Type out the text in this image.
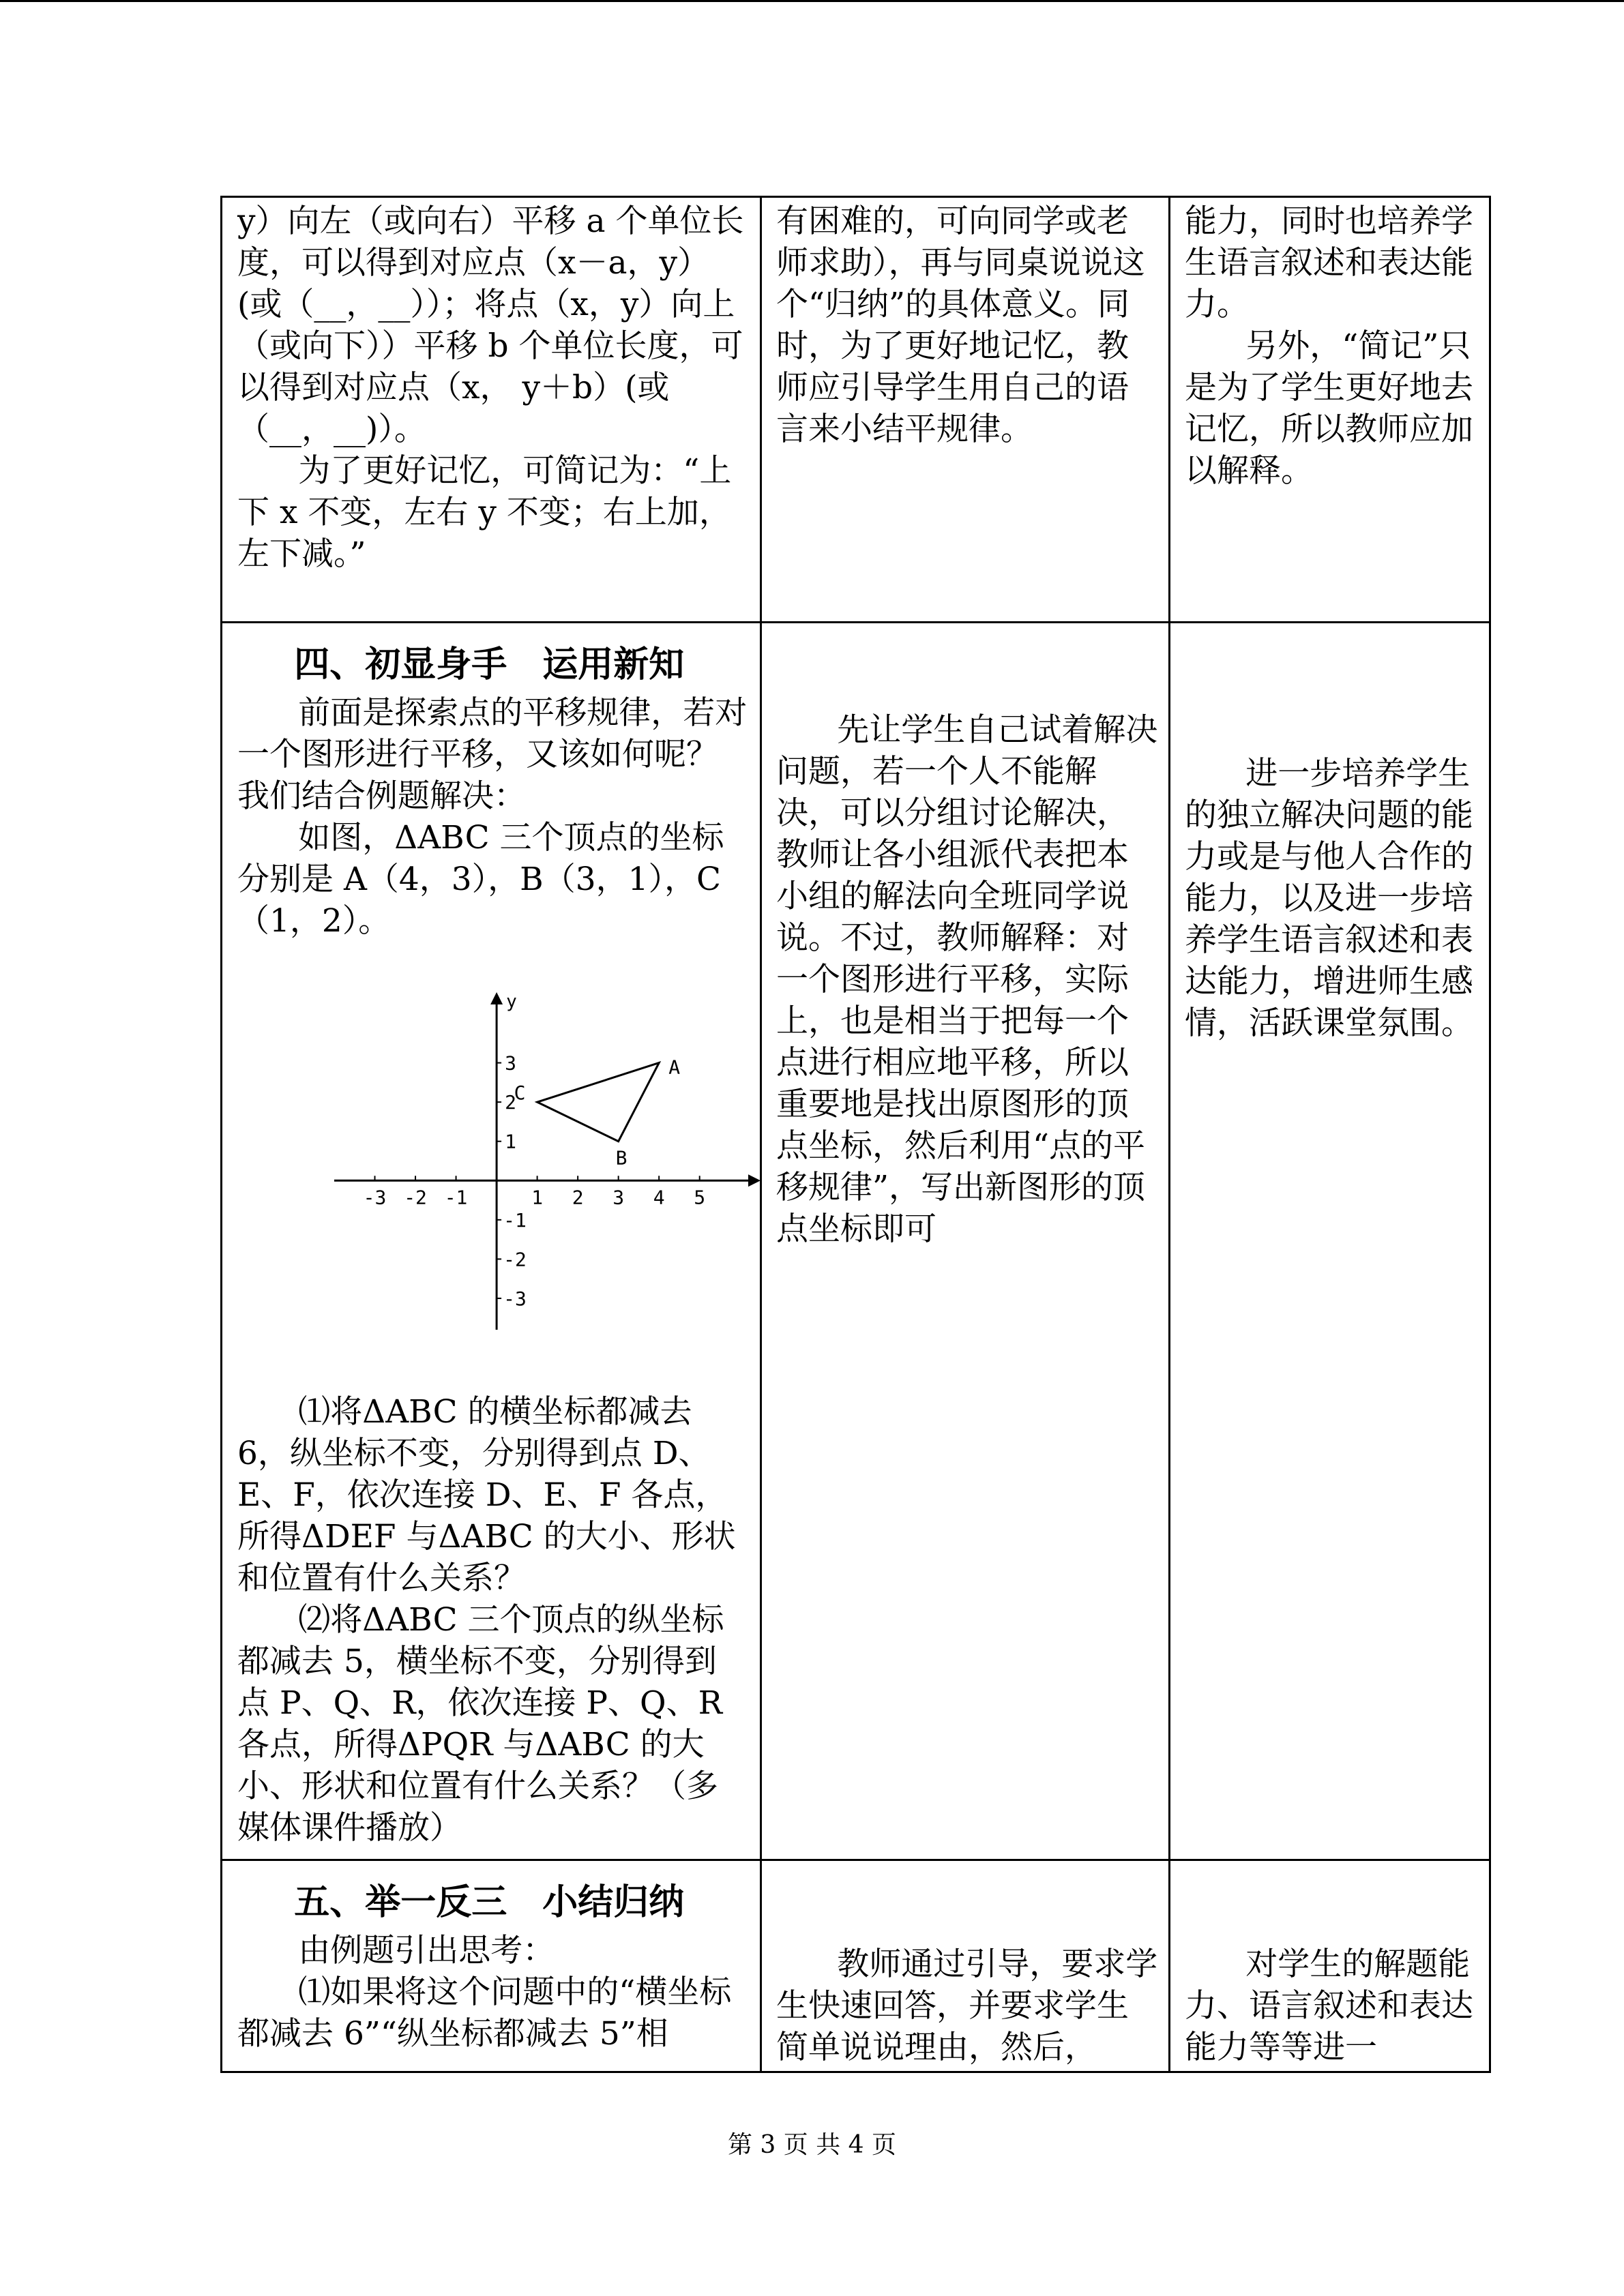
y）向左（或向右）平移 a 个单位长度，可以得到对应点（x－a，y）(或（__，__））；将点（x，y）向上（或向下））平移 b 个单位长度，可以得到对应点（x， y＋b）(或（__，__)）。

为了更好记忆，可简记为：“上下 x 不变，左右 y 不变；右上加，左下减。”

有困难的，可向同学或老师求助），再与同桌说说这个“归纳”的具体意义。同时，为了更好地记忆，教师应引导学生用自己的语言来小结平规律。

能力，同时也培养学生语言叙述和表达能力。

另外，“简记”只是为了学生更好地去记忆，所以教师应加以解释。

四、初显身手　运用新知

前面是探索点的平移规律，若对一个图形进行平移，又该如何呢？我们结合例题解决：

如图，ΔABC 三个顶点的坐标分别是 A（4，3），B（3，1），C（1，2）。

y
-3 -2 -1	1 2 3 4 5
3
2
1
-1
-2
-3
A
B
C

⑴将ΔABC 的横坐标都减去 6，纵坐标不变，分别得到点 D、E、F，依次连接 D、E、F 各点，所得ΔDEF 与ΔABC 的大小、形状和位置有什么关系？

⑵将ΔABC 三个顶点的纵坐标都减去 5，横坐标不变，分别得到点 P、Q、R，依次连接 P、Q、R 各点，所得ΔPQR 与ΔABC 的大小、形状和位置有什么关系？（多媒体课件播放）

先让学生自己试着解决问题，若一个人不能解决，可以分组讨论解决，教师让各小组派代表把本小组的解法向全班同学说说。不过，教师解释：对一个图形进行平移，实际上，也是相当于把每一个点进行相应地平移，所以重要地是找出原图形的顶点坐标，然后利用“点的平移规律”，写出新图形的顶点坐标即可

进一步培养学生的独立解决问题的能力或是与他人合作的能力，以及进一步培养学生语言叙述和表达能力，增进师生感情，活跃课堂氛围。

五、举一反三　小结归纳

由例题引出思考：

⑴如果将这个问题中的“横坐标都减去 6”“纵坐标都减去 5”相

教师通过引导，要求学生快速回答，并要求学生简单说说理由，然后，

对学生的解题能力、语言叙述和表达能力等等进一

第 3 页 共 4 页
